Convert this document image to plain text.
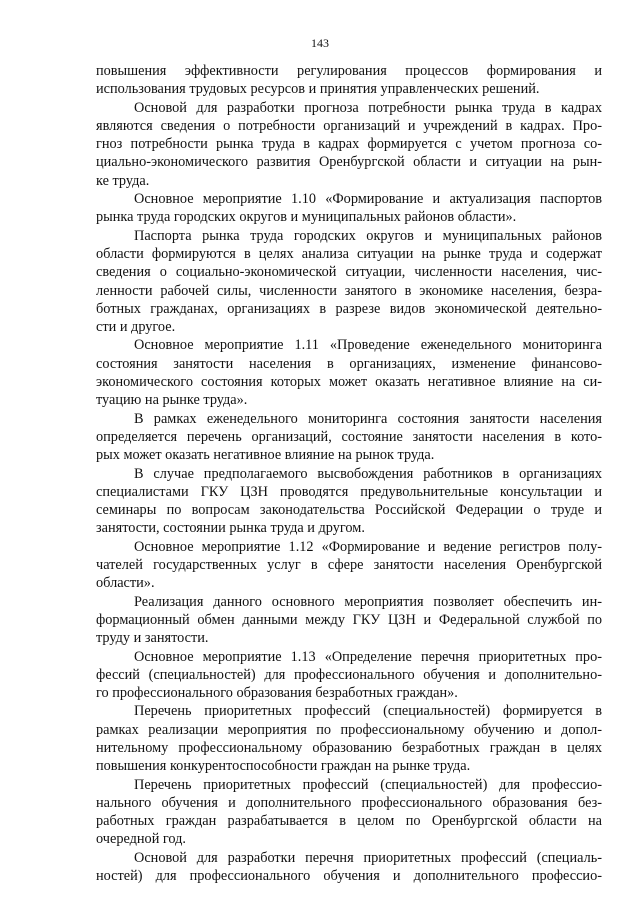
143
повышения эффективности регулирования процессов формирования и
использования трудовых ресурсов и принятия управленческих решений.
Основой для разработки прогноза потребности рынка труда в кадрах
являются сведения о потребности организаций и учреждений в кадрах. Про-
гноз потребности рынка труда в кадрах формируется с учетом прогноза со-
циально-экономического развития Оренбургской области и ситуации на рын-
ке труда.
Основное мероприятие 1.10 «Формирование и актуализация паспортов
рынка труда городских округов и муниципальных районов области».
Паспорта рынка труда городских округов и муниципальных районов
области формируются в целях анализа ситуации на рынке труда и содержат
сведения о социально-экономической ситуации, численности населения, чис-
ленности рабочей силы, численности занятого в экономике населения, безра-
ботных гражданах, организациях в разрезе видов экономической деятельно-
сти и другое.
Основное мероприятие 1.11 «Проведение еженедельного мониторинга
состояния занятости населения в организациях, изменение финансово-
экономического состояния которых может оказать негативное влияние на си-
туацию на рынке труда».
В рамках еженедельного мониторинга состояния занятости населения
определяется перечень организаций, состояние занятости населения в кото-
рых может оказать негативное влияние на рынок труда.
В случае предполагаемого высвобождения работников в организациях
специалистами ГКУ ЦЗН проводятся предувольнительные консультации и
семинары по вопросам законодательства Российской Федерации о труде и
занятости, состоянии рынка труда и другом.
Основное мероприятие 1.12 «Формирование и ведение регистров полу-
чателей государственных услуг в сфере занятости населения Оренбургской
области».
Реализация данного основного мероприятия позволяет обеспечить ин-
формационный обмен данными между ГКУ ЦЗН и Федеральной службой по
труду и занятости.
Основное мероприятие 1.13 «Определение перечня приоритетных про-
фессий (специальностей) для профессионального обучения и дополнительно-
го профессионального образования безработных граждан».
Перечень приоритетных профессий (специальностей) формируется в
рамках реализации мероприятия по профессиональному обучению и допол-
нительному профессиональному образованию безработных граждан в целях
повышения конкурентоспособности граждан на рынке труда.
Перечень приоритетных профессий (специальностей) для профессио-
нального обучения и дополнительного профессионального образования без-
работных граждан разрабатывается в целом по Оренбургской области на
очередной год.
Основой для разработки перечня приоритетных профессий (специаль-
ностей) для профессионального обучения и дополнительного профессио-
